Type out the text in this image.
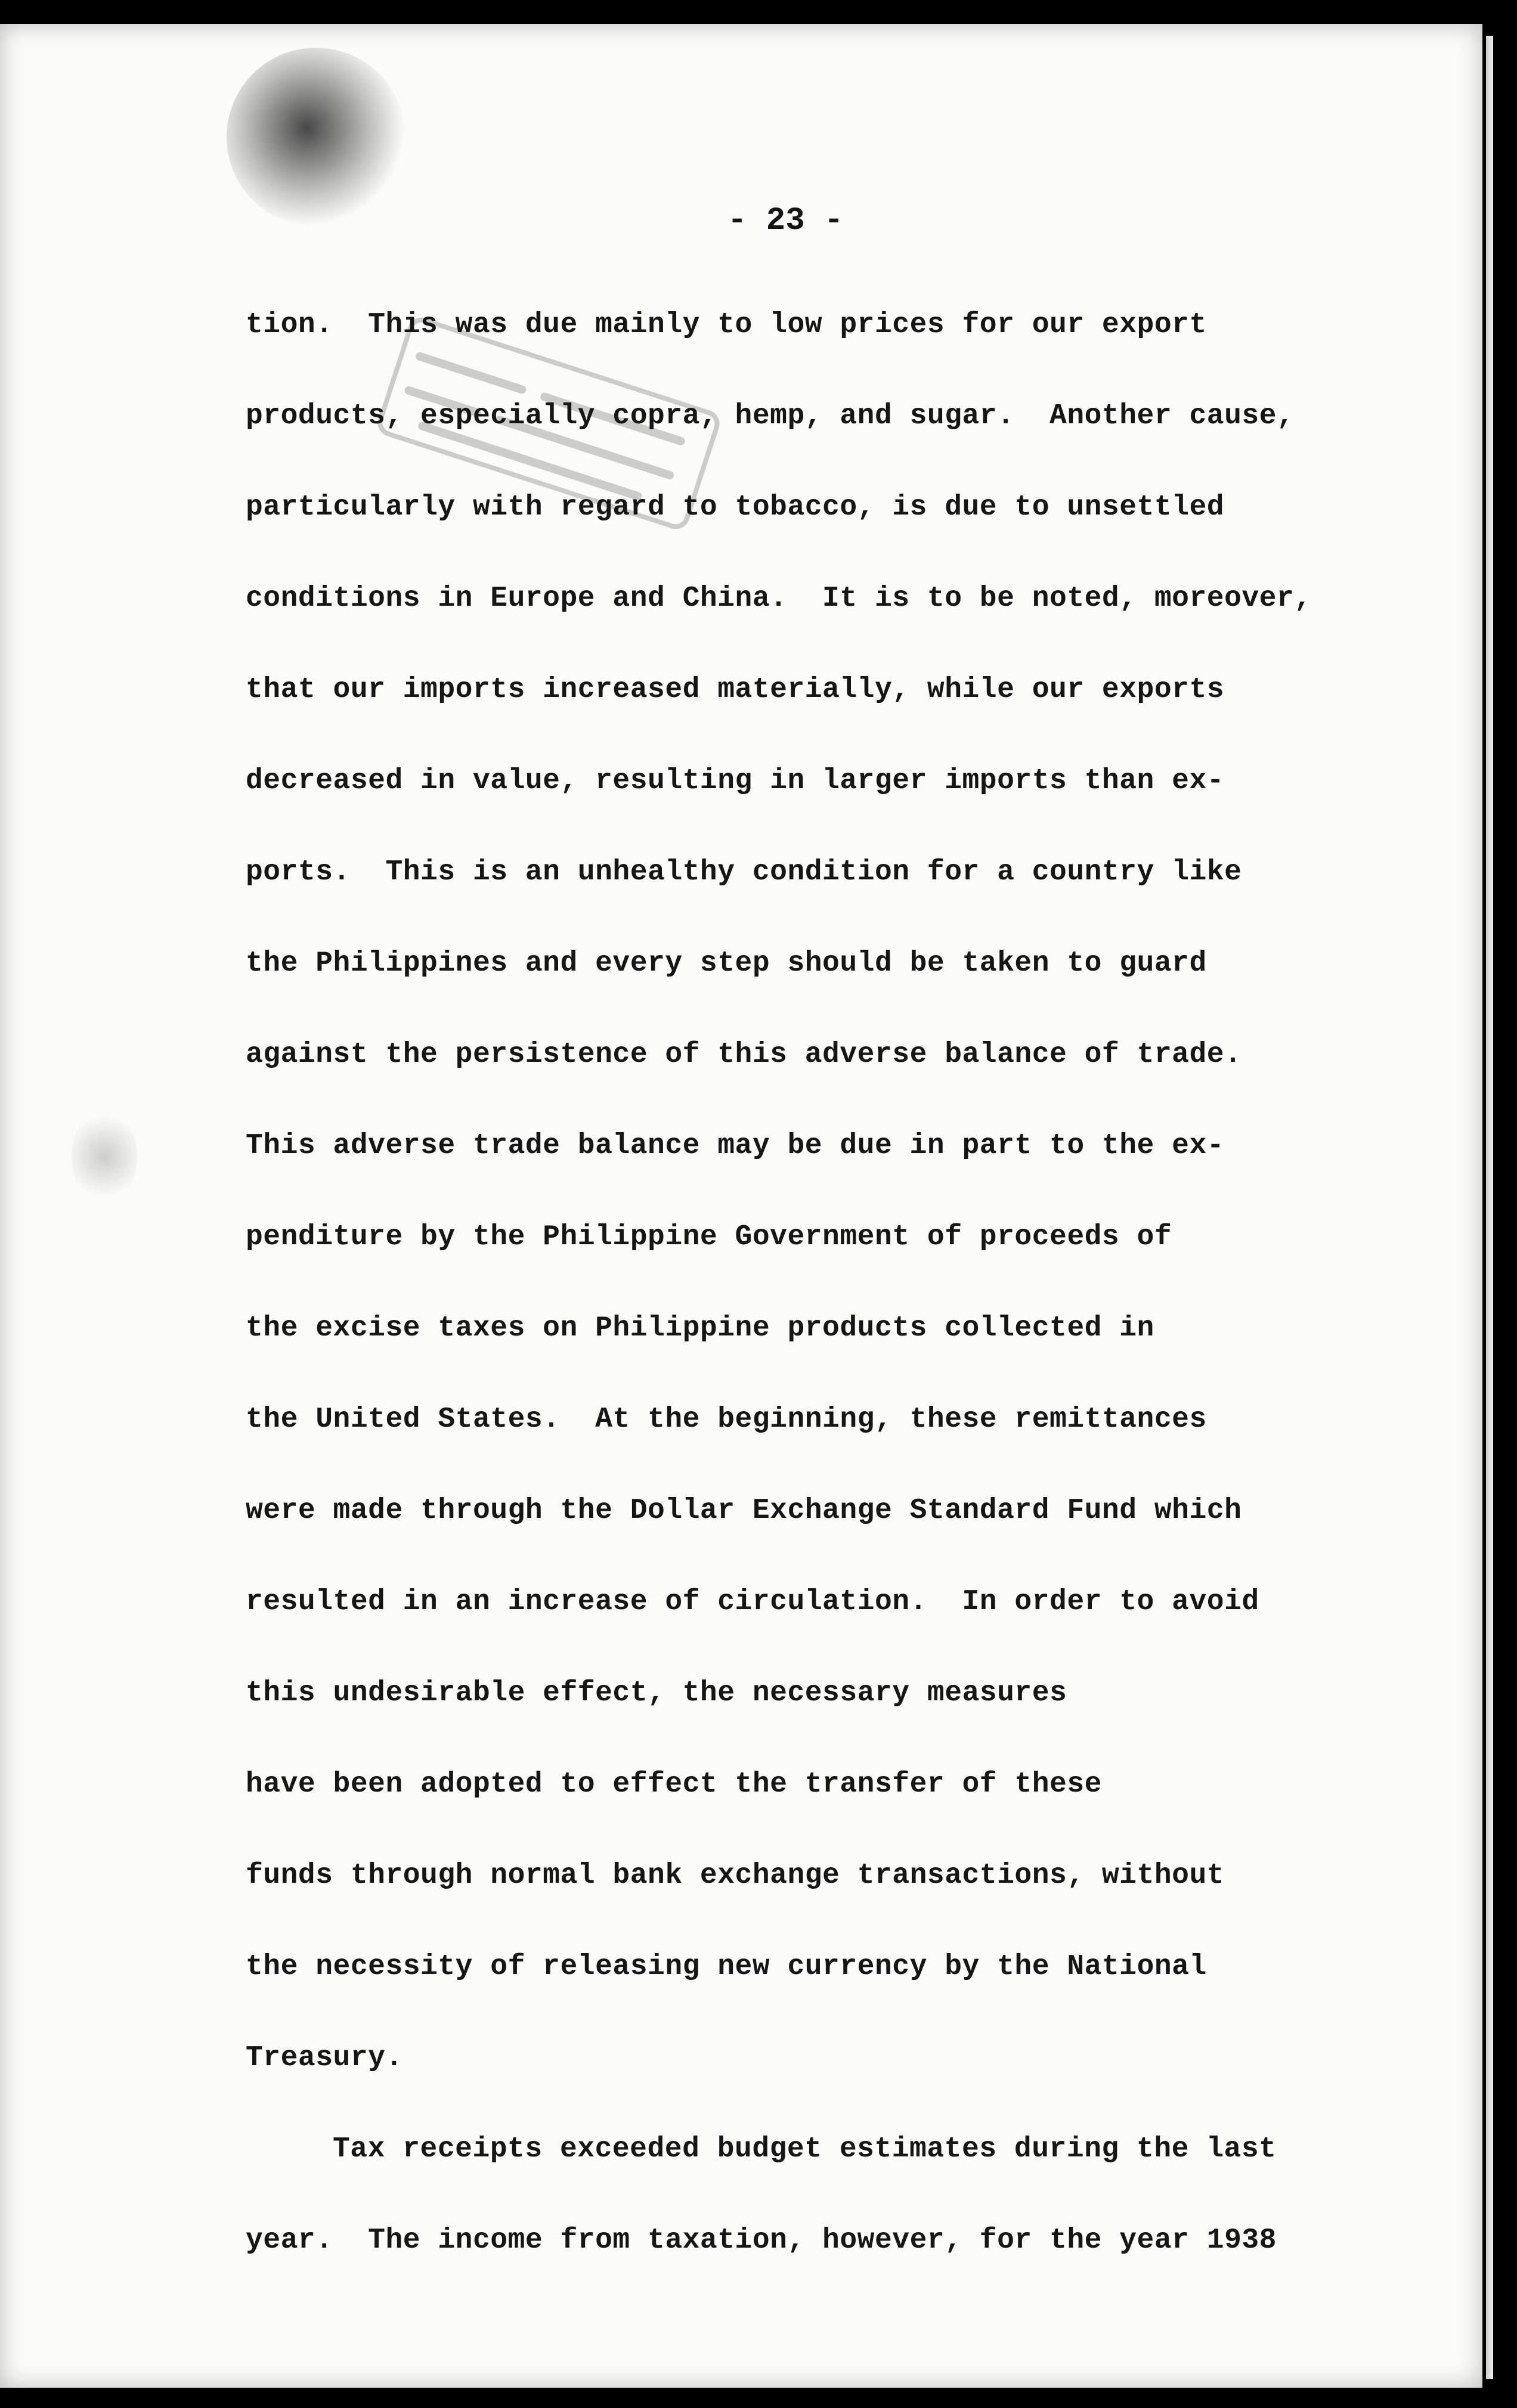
- 23 -
tion.  This was due mainly to low prices for our export
products, especially copra, hemp, and sugar.  Another cause,
particularly with regard to tobacco, is due to unsettled
conditions in Europe and China.  It is to be noted, moreover,
that our imports increased materially, while our exports
decreased in value, resulting in larger imports than ex-
ports.  This is an unhealthy condition for a country like
the Philippines and every step should be taken to guard
against the persistence of this adverse balance of trade.
This adverse trade balance may be due in part to the ex-
penditure by the Philippine Government of proceeds of
the excise taxes on Philippine products collected in
the United States.  At the beginning, these remittances
were made through the Dollar Exchange Standard Fund which
resulted in an increase of circulation.  In order to avoid
this undesirable effect, the necessary measures
have been adopted to effect the transfer of these
funds through normal bank exchange transactions, without
the necessity of releasing new currency by the National
Treasury.
Tax receipts exceeded budget estimates during the last
year.  The income from taxation, however, for the year 1938
